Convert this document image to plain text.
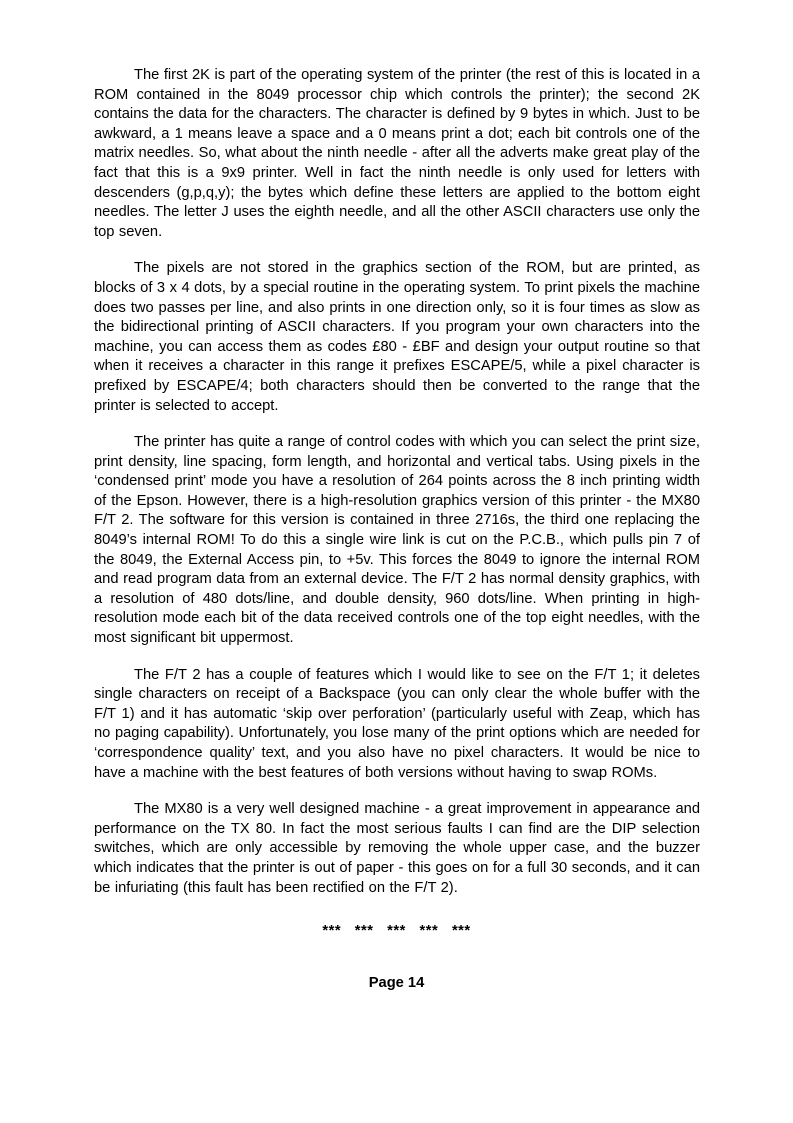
The first 2K is part of the operating system of the printer (the rest of this is located in a ROM contained in the 8049 processor chip which controls the printer); the second 2K contains the data for the characters. The character is defined by 9 bytes in which. Just to be awkward, a 1 means leave a space and a 0 means print a dot; each bit controls one of the matrix needles. So, what about the ninth needle - after all the adverts make great play of the fact that this is a 9x9 printer. Well in fact the ninth needle is only used for letters with descenders (g,p,q,y); the bytes which define these letters are applied to the bottom eight needles. The letter J uses the eighth needle, and all the other ASCII characters use only the top seven.

The pixels are not stored in the graphics section of the ROM, but are printed, as blocks of 3 x 4 dots, by a special routine in the operating system. To print pixels the machine does two passes per line, and also prints in one direction only, so it is four times as slow as the bidirectional printing of ASCII characters. If you program your own characters into the machine, you can access them as codes £80 - £BF and design your output routine so that when it receives a character in this range it prefixes ESCAPE/5, while a pixel character is prefixed by ESCAPE/4; both characters should then be converted to the range that the printer is selected to accept.

The printer has quite a range of control codes with which you can select the print size, print density, line spacing, form length, and horizontal and vertical tabs. Using pixels in the ‘condensed print’ mode you have a resolution of 264 points across the 8 inch printing width of the Epson. However, there is a high-resolution graphics version of this printer - the MX80 F/T 2. The software for this version is contained in three 2716s, the third one replacing the 8049’s internal ROM! To do this a single wire link is cut on the P.C.B., which pulls pin 7 of the 8049, the External Access pin, to +5v. This forces the 8049 to ignore the internal ROM and read program data from an external device. The F/T 2 has normal density graphics, with a resolution of 480 dots/line, and double density, 960 dots/line. When printing in high-resolution mode each bit of the data received controls one of the top eight needles, with the most significant bit uppermost.

The F/T 2 has a couple of features which I would like to see on the F/T 1; it deletes single characters on receipt of a Backspace (you can only clear the whole buffer with the F/T 1) and it has automatic ‘skip over perforation’ (particularly useful with Zeap, which has no paging capability). Unfortunately, you lose many of the print options which are needed for ‘correspondence quality’ text, and you also have no pixel characters. It would be nice to have a machine with the best features of both versions without having to swap ROMs.

The MX80 is a very well designed machine - a great improvement in appearance and performance on the TX 80. In fact the most serious faults I can find are the DIP selection switches, which are only accessible by removing the whole upper case, and the buzzer which indicates that the printer is out of paper - this goes on for a full 30 seconds, and it can be infuriating (this fault has been rectified on the F/T 2).

***   ***   ***   ***   ***
Page 14
